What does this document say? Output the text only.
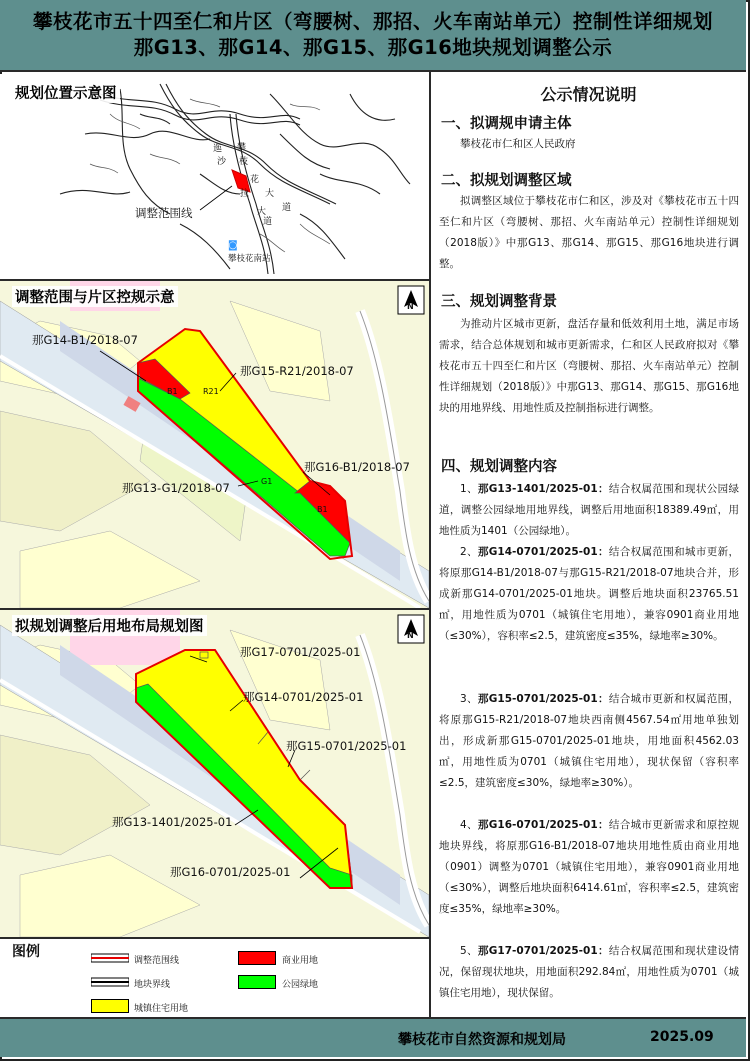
攀枝花市五十四至仁和片区（弯腰树、那招、火车南站单元）控制性详细规划
那G13、那G14、那G15、那G16地块规划调整公示
◙
调整范围线
攀枝花南站
迤
沙
拉
大
道
攀
枝
花
大
道
规划位置示意图
那G14-B1/2018-07
那G15-R21/2018-07
那G16-B1/2018-07
那G13-G1/2018-07
B1	R21
G1
B1
N
调整范围与片区控规示意
那G17-0701/2025-01
那G14-0701/2025-01
那G15-0701/2025-01
那G13-1401/2025-01
那G16-0701/2025-01
N
拟规划调整后用地布局规划图
图例
调整范围线	商业用地
地块界线	公园绿地
城镇住宅用地
公示情况说明
一、拟调规申请主体
攀枝花市仁和区人民政府
二、拟规划调整区域
拟调整区域位于攀枝花市仁和区，涉及对《攀枝花市五十四至仁和片区（弯腰树、那招、火车南站单元）控制性详细规划（2018版）》中那G13、那G14、那G15、那G16地块进行调整。
三、规划调整背景
为推动片区城市更新，盘活存量和低效利用土地，满足市场需求，结合总体规划和城市更新需求，仁和区人民政府拟对《攀枝花市五十四至仁和片区（弯腰树、那招、火车南站单元）控制性详细规划（2018版）》中那G13、那G14、那G15、那G16地块的用地界线、用地性质及控制指标进行调整。
四、规划调整内容
1、那G13-1401/2025-01：结合权属范围和现状公园绿道，调整公园绿地用地界线，调整后用地面积18389.49㎡，用地性质为1401（公园绿地）。
2、那G14-0701/2025-01：结合权属范围和城市更新，将原那G14-B1/2018-07与那G15-R21/2018-07地块合并，形成新那G14-0701/2025-01地块。调整后地块面积23765.51㎡，用地性质为0701（城镇住宅用地），兼容0901商业用地（≤30%），容积率≤2.5，建筑密度≤35%，绿地率≥30%。
3、那G15-0701/2025-01：结合城市更新和权属范围，将原那G15-R21/2018-07地块西南侧4567.54㎡用地单独划出，形成新那G15-0701/2025-01地块，用地面积4562.03㎡，用地性质为0701（城镇住宅用地），现状保留（容积率≤2.5，建筑密度≤30%，绿地率≥30%）。
4、那G16-0701/2025-01：结合城市更新需求和原控规地块界线，将原那G16-B1/2018-07地块用地性质由商业用地（0901）调整为0701（城镇住宅用地），兼容0901商业用地（≤30%），调整后地块面积6414.61㎡，容积率≤2.5，建筑密度≤35%，绿地率≥30%。
5、那G17-0701/2025-01：结合权属范围和现状建设情况，保留现状地块，用地面积292.84㎡，用地性质为0701（城镇住宅用地），现状保留。
攀枝花市自然资源和规划局	2025.09
